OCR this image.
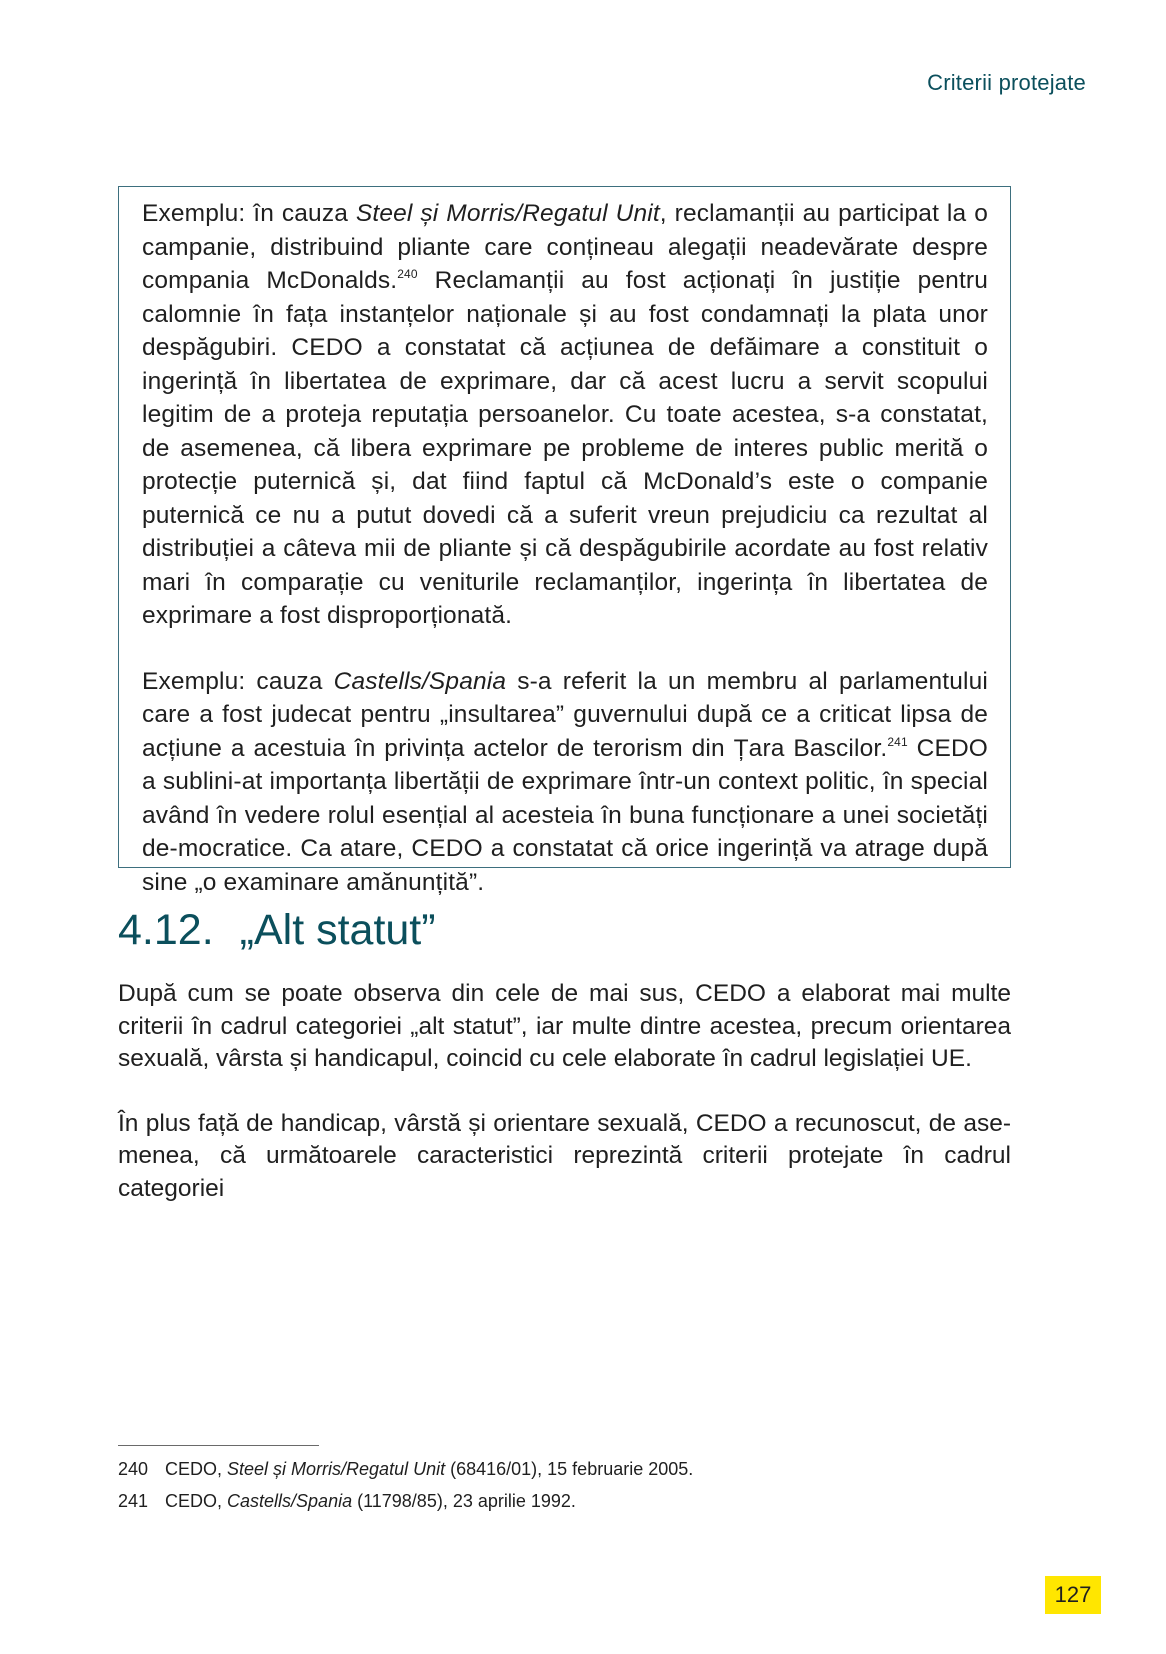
Criterii protejate

Exemplu: în cauza Steel și Morris/Regatul Unit, reclamanții au participat la o campanie, distribuind pliante care conțineau alegații neadevărate despre compania McDonalds.$^{240}$ Reclamanții au fost acționați în justiție pentru calomnie în fața instanțelor naționale și au fost condamnați la plata unor despăgubiri. CEDO a constatat că acțiunea de defăimare a constituit o ingerință în libertatea de exprimare, dar că acest lucru a servit scopului legitim de a proteja reputația persoanelor. Cu toate acestea, s-a constatat, de asemenea, că libera exprimare pe probleme de interes public merită o protecție puternică și, dat fiind faptul că McDonald’s este o companie puternică ce nu a putut dovedi că a suferit vreun prejudiciu ca rezultat al distribuției a câteva mii de pliante și că despăgubirile acordate au fost relativ mari în comparație cu veniturile reclamanților, ingerința în libertatea de exprimare a fost disproporționată.

Exemplu: cauza Castells/Spania s-a referit la un membru al parlamentului care a fost judecat pentru „insultarea” guvernului după ce a criticat lipsa de acțiune a acestuia în privința actelor de terorism din Țara Bascilor.$^{241}$ CEDO a sublini-at importanța libertății de exprimare într-un context politic, în special având în vedere rolul esențial al acesteia în buna funcționare a unei societăți de-mocratice. Ca atare, CEDO a constatat că orice ingerință va atrage după sine „o examinare amănunțită”.

4.12. „Alt statut”

După cum se poate observa din cele de mai sus, CEDO a elaborat mai multe criterii în cadrul categoriei „alt statut”, iar multe dintre acestea, precum orientarea sexuală, vârsta și handicapul, coincid cu cele elaborate în cadrul legislației UE.

În plus față de handicap, vârstă și orientare sexuală, CEDO a recunoscut, de ase-menea, că următoarele caracteristici reprezintă criterii protejate în cadrul categoriei

240 CEDO, Steel și Morris/Regatul Unit (68416/01), 15 februarie 2005.
241 CEDO, Castells/Spania (11798/85), 23 aprilie 1992.
127
